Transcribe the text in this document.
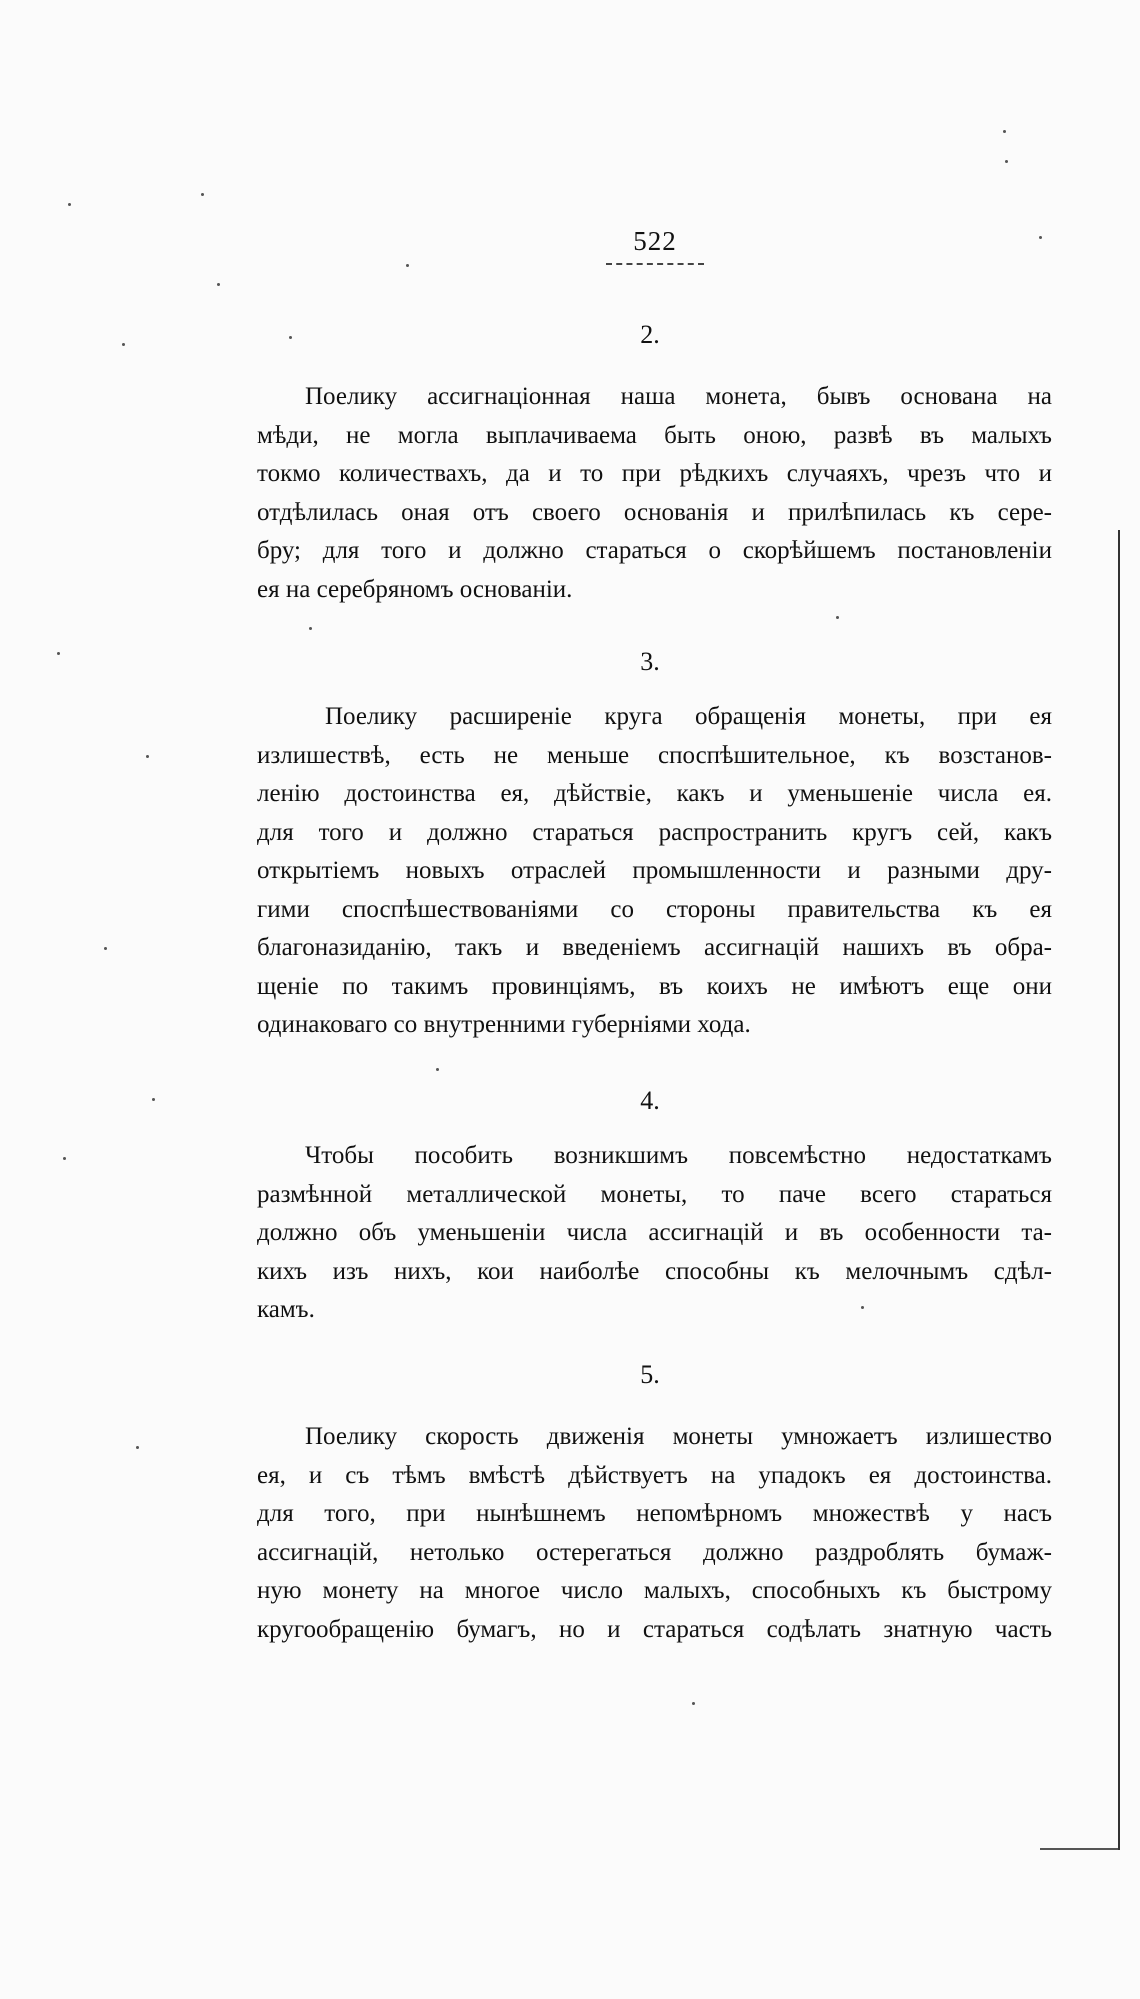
522
2.
Поелику ассигнаціонная наша монета, бывъ основана на
мѣди, не могла выплачиваема быть оною, развѣ въ малыхъ
токмо количествахъ, да и то при рѣдкихъ случаяхъ, чрезъ что и
отдѣлилась оная отъ своего основанія и прилѣпилась къ сере-
бру; для того и должно стараться о скорѣйшемъ постановленіи
ея на серебряномъ основаніи.
3.
Поелику расширеніе круга обращенія монеты, при ея
излишествѣ, есть не меньше споспѣшительное, къ возстанов-
ленію достоинства ея, дѣйствіе, какъ и уменьшеніе числа ея.
для того и должно стараться распространить кругъ сей, какъ
открытіемъ новыхъ отраслей промышленности и разными дру-
гими споспѣшествованіями со стороны правительства къ ея
благоназиданію, такъ и введеніемъ ассигнацій нашихъ въ обра-
щеніе по такимъ провинціямъ, въ коихъ не имѣютъ еще они
одинаковаго со внутренними губерніями хода.
4.
Чтобы пособить возникшимъ повсемѣстно недостаткамъ
размѣнной металлической монеты, то паче всего стараться
должно объ уменьшеніи числа ассигнацій и въ особенности та-
кихъ изъ нихъ, кои наиболѣе способны къ мелочнымъ сдѣл-
камъ.
5.
Поелику скорость движенія монеты умножаетъ излишество
ея, и съ тѣмъ вмѣстѣ дѣйствуетъ на упадокъ ея достоинства.
для того, при нынѣшнемъ непомѣрномъ множествѣ у насъ
ассигнацій, нетолько остерегаться должно раздроблять бумаж-
ную монету на многое число малыхъ, способныхъ къ быстрому
кругообращенію бумагъ, но и стараться содѣлать знатную часть
